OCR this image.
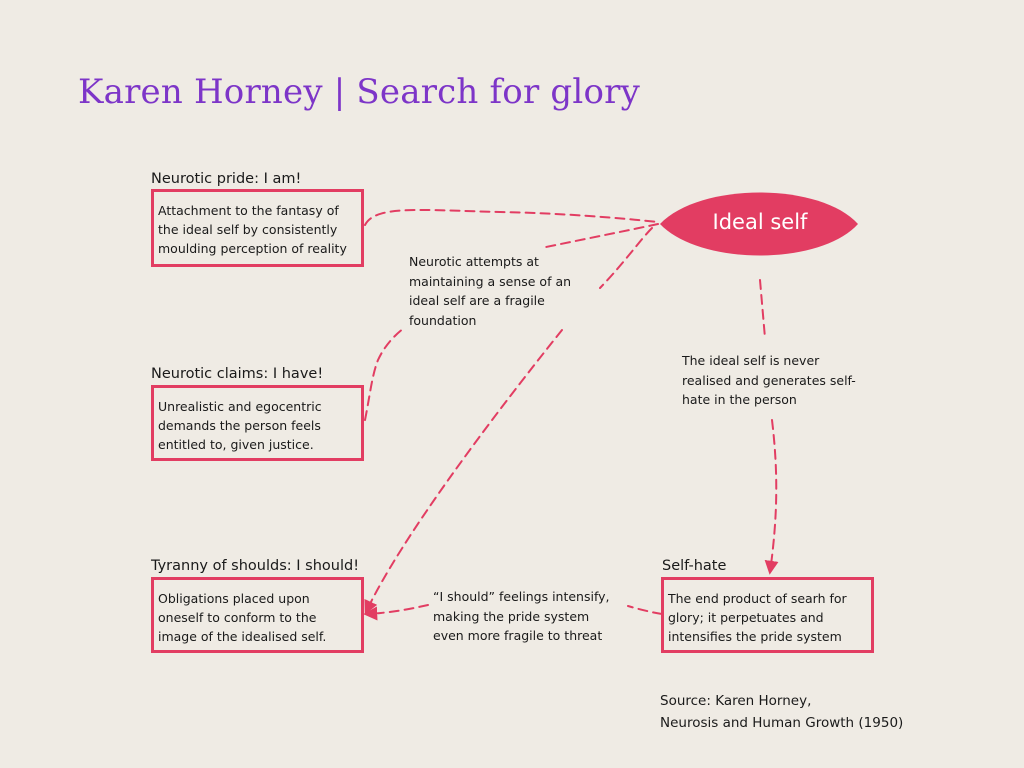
Karen Horney | Search for glory
Ideal self
Neurotic pride: I am!
Attachment to the fantasy of
the ideal self by consistently
moulding perception of reality
Neurotic claims: I have!
Unrealistic and egocentric
demands the person feels
entitled to, given justice.
Tyranny of shoulds: I should!
Obligations placed upon
oneself to conform to the
image of the idealised self.
Self-hate
The end product of searh for
glory; it perpetuates and
intensifies the pride system
Neurotic attempts at
maintaining a sense of an
ideal self are a fragile
foundation
The ideal self is never
realised and generates self-
hate in the person
“I should” feelings intensify,
making the pride system
even more fragile to threat
Source: Karen Horney,
Neurosis and Human Growth (1950)
